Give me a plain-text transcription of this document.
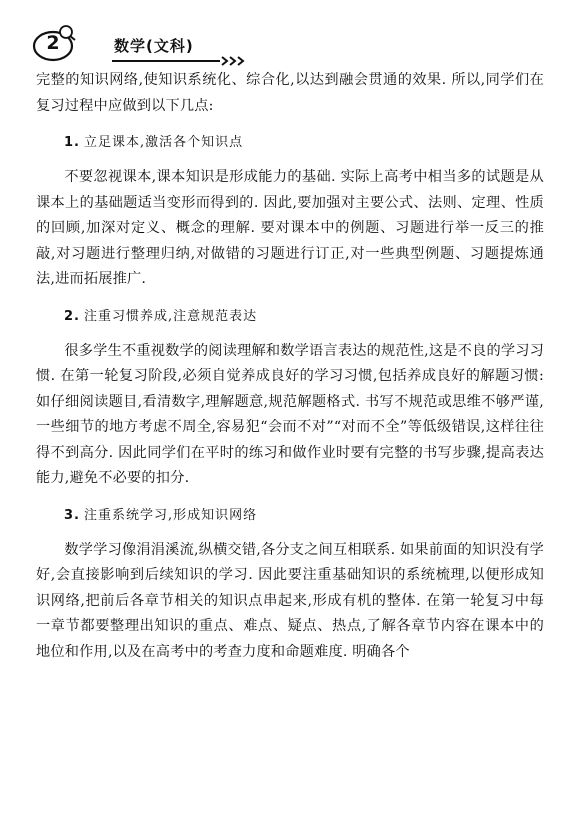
2	数学(文科)

完整的知识网络,使知识系统化、综合化,以达到融会贯通的效果. 所以,同学们在复习过程中应做到以下几点:

1. 立足课本,激活各个知识点

不要忽视课本,课本知识是形成能力的基础. 实际上高考中相当多的试题是从课本上的基础题适当变形而得到的. 因此,要加强对主要公式、法则、定理、性质的回顾,加深对定义、概念的理解. 要对课本中的例题、习题进行举一反三的推敲,对习题进行整理归纳,对做错的习题进行订正,对一些典型例题、习题提炼通法,进而拓展推广.

2. 注重习惯养成,注意规范表达

很多学生不重视数学的阅读理解和数学语言表达的规范性,这是不良的学习习惯. 在第一轮复习阶段,必须自觉养成良好的学习习惯,包括养成良好的解题习惯:如仔细阅读题目,看清数字,理解题意,规范解题格式. 书写不规范或思维不够严谨,一些细节的地方考虑不周全,容易犯“会而不对”“对而不全”等低级错误,这样往往得不到高分. 因此同学们在平时的练习和做作业时要有完整的书写步骤,提高表达能力,避免不必要的扣分.

3. 注重系统学习,形成知识网络

数学学习像涓涓溪流,纵横交错,各分支之间互相联系. 如果前面的知识没有学好,会直接影响到后续知识的学习. 因此要注重基础知识的系统梳理,以便形成知识网络,把前后各章节相关的知识点串起来,形成有机的整体. 在第一轮复习中每一章节都要整理出知识的重点、难点、疑点、热点,了解各章节内容在课本中的地位和作用,以及在高考中的考查力度和命题难度. 明确各个
